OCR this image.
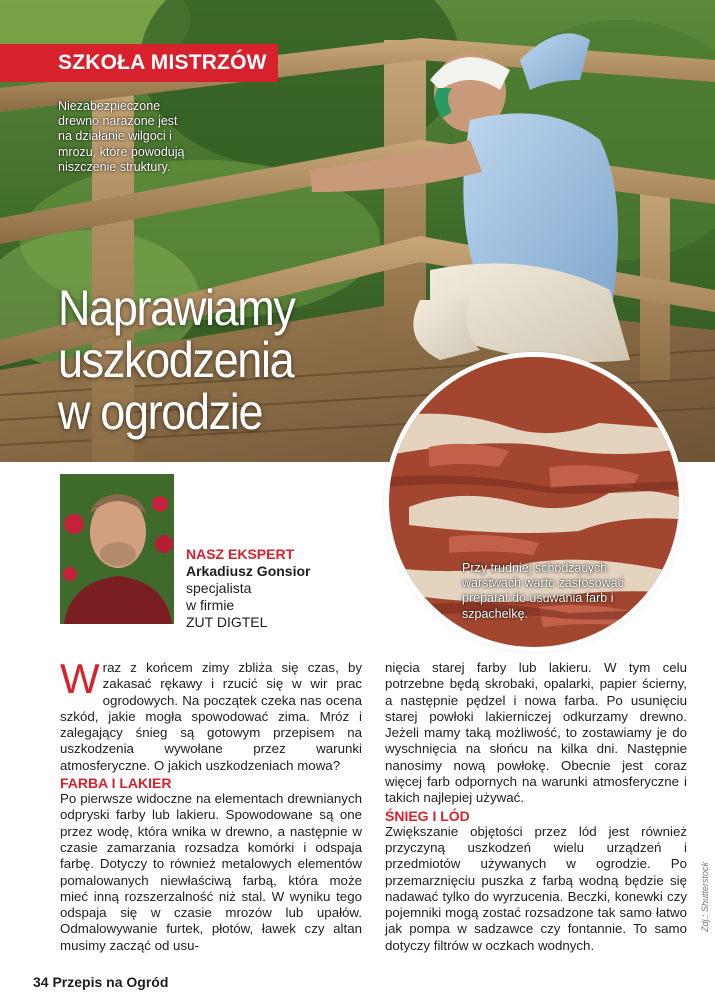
SZKOŁA MISTRZÓW
Niezabezpieczone drewno narażone jest na działanie wilgoci i mrozu, które powodują niszczenie struktury.
Naprawiamy
uszkodzenia
w ogrodzie
NASZ EKSPERT
Arkadiusz Gonsior
specjalista
w firmie
ZUT DIGTEL
Przy trudniej schodzących warstwach warto zastosować preparat do usuwania farb i szpachelkę.

Wraz z końcem zimy zbliża się czas, by zakasać rękawy i rzucić się w wir prac ogrodowych. Na początek czeka nas ocena szkód, jakie mogła spowodować zima. Mróz i zalegający śnieg są gotowym przepisem na uszkodzenia wywołane przez warunki atmosferyczne. O jakich uszkodzeniach mowa?

FARBA I LAKIER

Po pierwsze widoczne na elementach drewnianych odpryski farby lub lakieru. Spowodowane są one przez wodę, która wnika w drewno, a następnie w czasie zamarzania rozsadza komórki i odspaja farbę. Dotyczy to również metalowych elementów pomalowanych niewłaściwą farbą, która może mieć inną rozszerzalność niż stal. W wyniku tego odspaja się w czasie mrozów lub upałów. Odmalowywanie furtek, płotów, ławek czy altan musimy zacząć od usu-

nięcia starej farby lub lakieru. W tym celu potrzebne będą skrobaki, opalarki, papier ścierny, a następnie pędzel i nowa farba. Po usunięciu starej powłoki lakierniczej odkurzamy drewno. Jeżeli mamy taką możliwość, to zostawiamy je do wyschnięcia na słońcu na kilka dni. Następnie nanosimy nową powłokę. Obecnie jest coraz więcej farb odpornych na warunki atmosferyczne i takich najlepiej używać.

ŚNIEG I LÓD

Zwiększanie objętości przez lód jest również przyczyną uszkodzeń wielu urządzeń i przedmiotów używanych w ogrodzie. Po przemarznięciu puszka z farbą wodną będzie się nadawać tylko do wyrzucenia. Beczki, konewki czy pojemniki mogą zostać rozsadzone tak samo łatwo jak pompa w sadzawce czy fontannie. To samo dotyczy filtrów w oczkach wodnych.

34 Przepis na Ogród
Zdj.: Shutterstock
